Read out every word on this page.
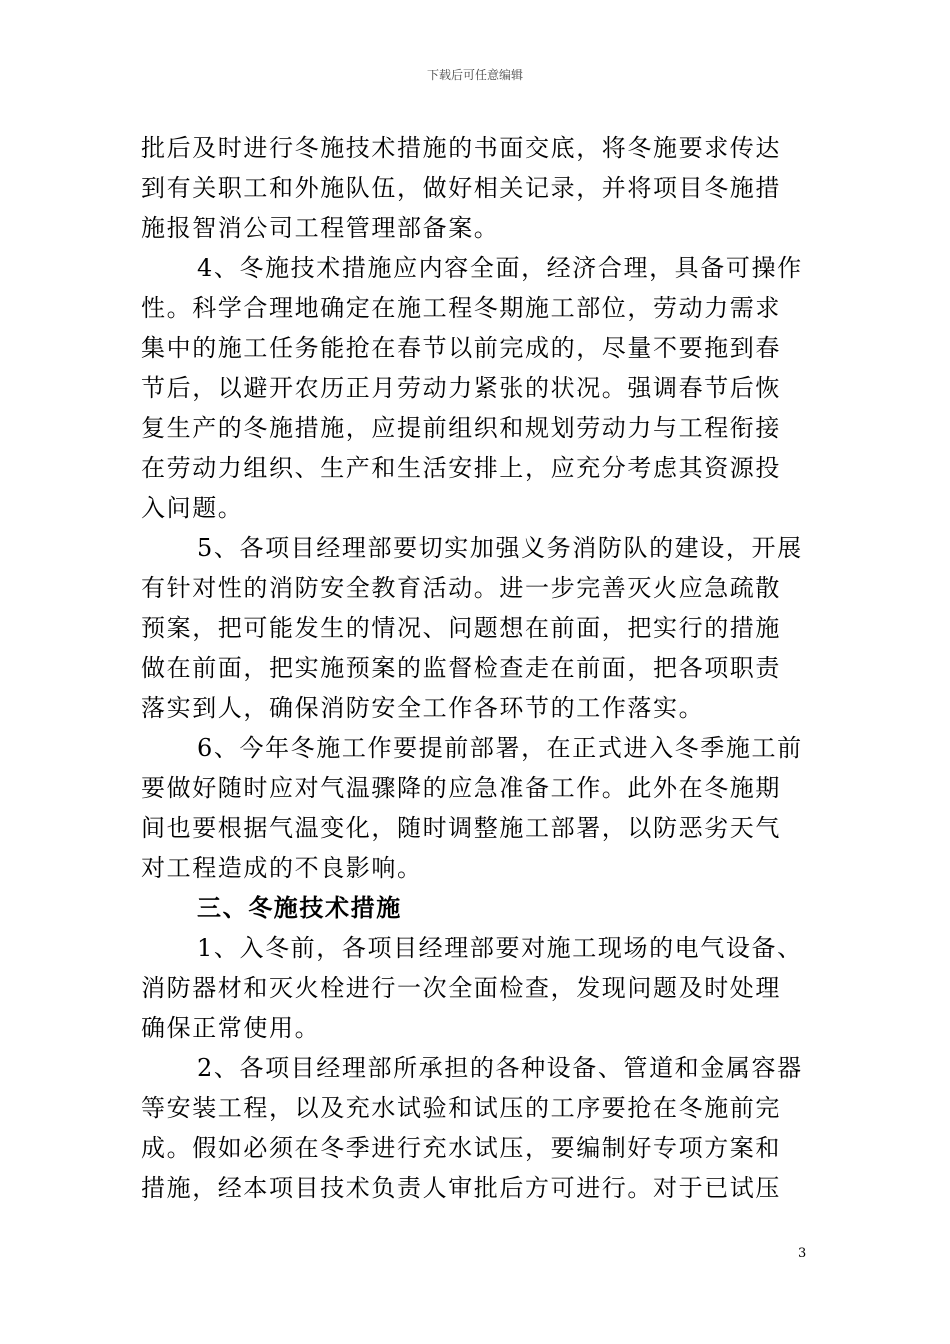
下载后可任意编辑
批后及时进行冬施技术措施的书面交底，将冬施要求传达
到有关职工和外施队伍，做好相关记录，并将项目冬施措
施报智消公司工程管理部备案。
4、冬施技术措施应内容全面，经济合理，具备可操作
性。科学合理地确定在施工程冬期施工部位，劳动力需求
集中的施工任务能抢在春节以前完成的，尽量不要拖到春
节后，以避开农历正月劳动力紧张的状况。强调春节后恢
复生产的冬施措施，应提前组织和规划劳动力与工程衔接
在劳动力组织、生产和生活安排上，应充分考虑其资源投
入问题。
5、各项目经理部要切实加强义务消防队的建设，开展
有针对性的消防安全教育活动。进一步完善灭火应急疏散
预案，把可能发生的情况、问题想在前面，把实行的措施
做在前面，把实施预案的监督检查走在前面，把各项职责
落实到人，确保消防安全工作各环节的工作落实。
6、今年冬施工作要提前部署，在正式进入冬季施工前
要做好随时应对气温骤降的应急准备工作。此外在冬施期
间也要根据气温变化，随时调整施工部署，以防恶劣天气
对工程造成的不良影响。
三、冬施技术措施
1、入冬前，各项目经理部要对施工现场的电气设备、
消防器材和灭火栓进行一次全面检查，发现问题及时处理
确保正常使用。
2、各项目经理部所承担的各种设备、管道和金属容器
等安装工程，以及充水试验和试压的工序要抢在冬施前完
成。假如必须在冬季进行充水试压，要编制好专项方案和
措施，经本项目技术负责人审批后方可进行。对于已试压
3
